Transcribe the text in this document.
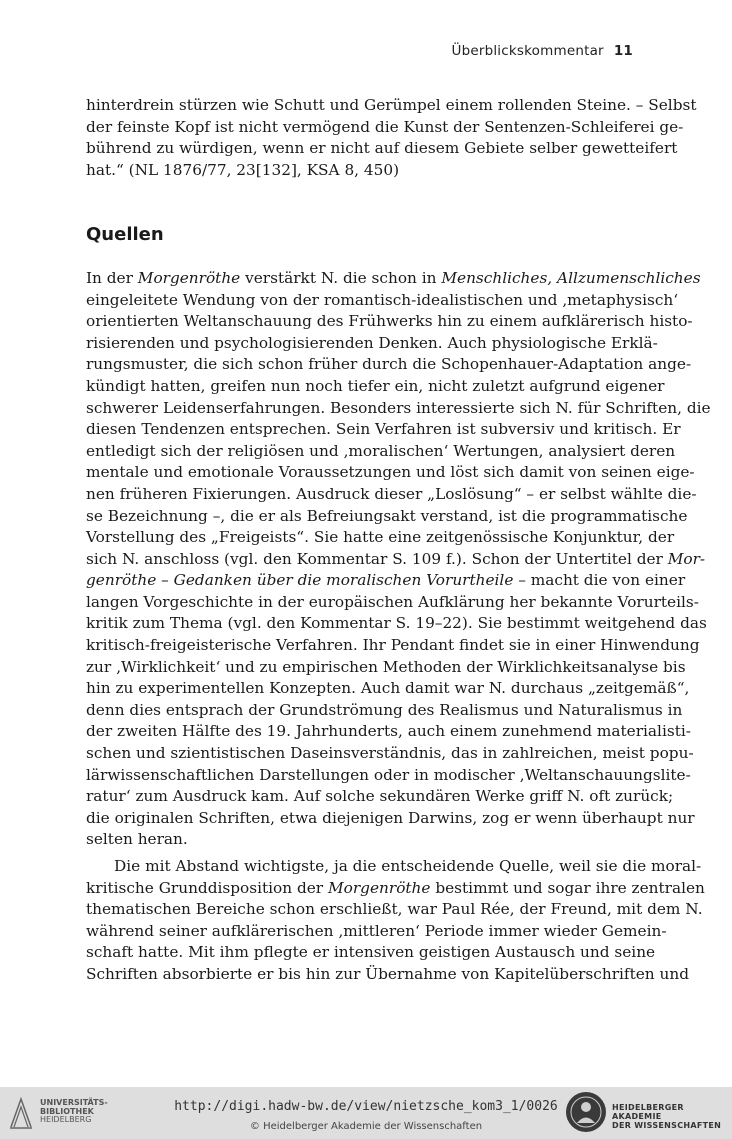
Überblickskommentar 11
hinterdrein stürzen wie Schutt und Gerümpel einem rollenden Steine. – Selbst
der feinste Kopf ist nicht vermögend die Kunst der Sentenzen-Schleiferei ge-
bührend zu würdigen, wenn er nicht auf diesem Gebiete selber gewetteifert
hat.“ (NL 1876/77, 23[132], KSA 8, 450)
Quellen
In der Morgenröthe verstärkt N. die schon in Menschliches, Allzumenschliches
eingeleitete Wendung von der romantisch-idealistischen und ‚metaphysisch‘
orientierten Weltanschauung des Frühwerks hin zu einem aufklärerisch histo-
risierenden und psychologisierenden Denken. Auch physiologische Erklä-
rungsmuster, die sich schon früher durch die Schopenhauer-Adaptation ange-
kündigt hatten, greifen nun noch tiefer ein, nicht zuletzt aufgrund eigener
schwerer Leidenserfahrungen. Besonders interessierte sich N. für Schriften, die
diesen Tendenzen entsprechen. Sein Verfahren ist subversiv und kritisch. Er
entledigt sich der religiösen und ‚moralischen‘ Wertungen, analysiert deren
mentale und emotionale Voraussetzungen und löst sich damit von seinen eige-
nen früheren Fixierungen. Ausdruck dieser „Loslösung“ – er selbst wählte die-
se Bezeichnung –, die er als Befreiungsakt verstand, ist die programmatische
Vorstellung des „Freigeists“. Sie hatte eine zeitgenössische Konjunktur, der
sich N. anschloss (vgl. den Kommentar S. 109 f.). Schon der Untertitel der Mor-
genröthe – Gedanken über die moralischen Vorurtheile – macht die von einer
langen Vorgeschichte in der europäischen Aufklärung her bekannte Vorurteils-
kritik zum Thema (vgl. den Kommentar S. 19–22). Sie bestimmt weitgehend das
kritisch-freigeisterische Verfahren. Ihr Pendant findet sie in einer Hinwendung
zur ‚Wirklichkeit‘ und zu empirischen Methoden der Wirklichkeitsanalyse bis
hin zu experimentellen Konzepten. Auch damit war N. durchaus „zeitgemäß“,
denn dies entsprach der Grundströmung des Realismus und Naturalismus in
der zweiten Hälfte des 19. Jahrhunderts, auch einem zunehmend materialisti-
schen und szientistischen Daseinsverständnis, das in zahlreichen, meist popu-
lärwissenschaftlichen Darstellungen oder in modischer ‚Weltanschauungslite-
ratur‘ zum Ausdruck kam. Auf solche sekundären Werke griff N. oft zurück;
die originalen Schriften, etwa diejenigen Darwins, zog er wenn überhaupt nur
selten heran.
Die mit Abstand wichtigste, ja die entscheidende Quelle, weil sie die moral-
kritische Grunddisposition der Morgenröthe bestimmt und sogar ihre zentralen
thematischen Bereiche schon erschließt, war Paul Rée, der Freund, mit dem N.
während seiner aufklärerischen ‚mittleren‘ Periode immer wieder Gemein-
schaft hatte. Mit ihm pflegte er intensiven geistigen Austausch und seine
Schriften absorbierte er bis hin zur Übernahme von Kapitelüberschriften und
UNIVERSITÄTS-
BIBLIOTHEK
HEIDELBERG
http://digi.hadw-bw.de/view/nietzsche_kom3_1/0026
© Heidelberger Akademie der Wissenschaften
HEIDELBERGER AKADEMIE
DER WISSENSCHAFTEN
